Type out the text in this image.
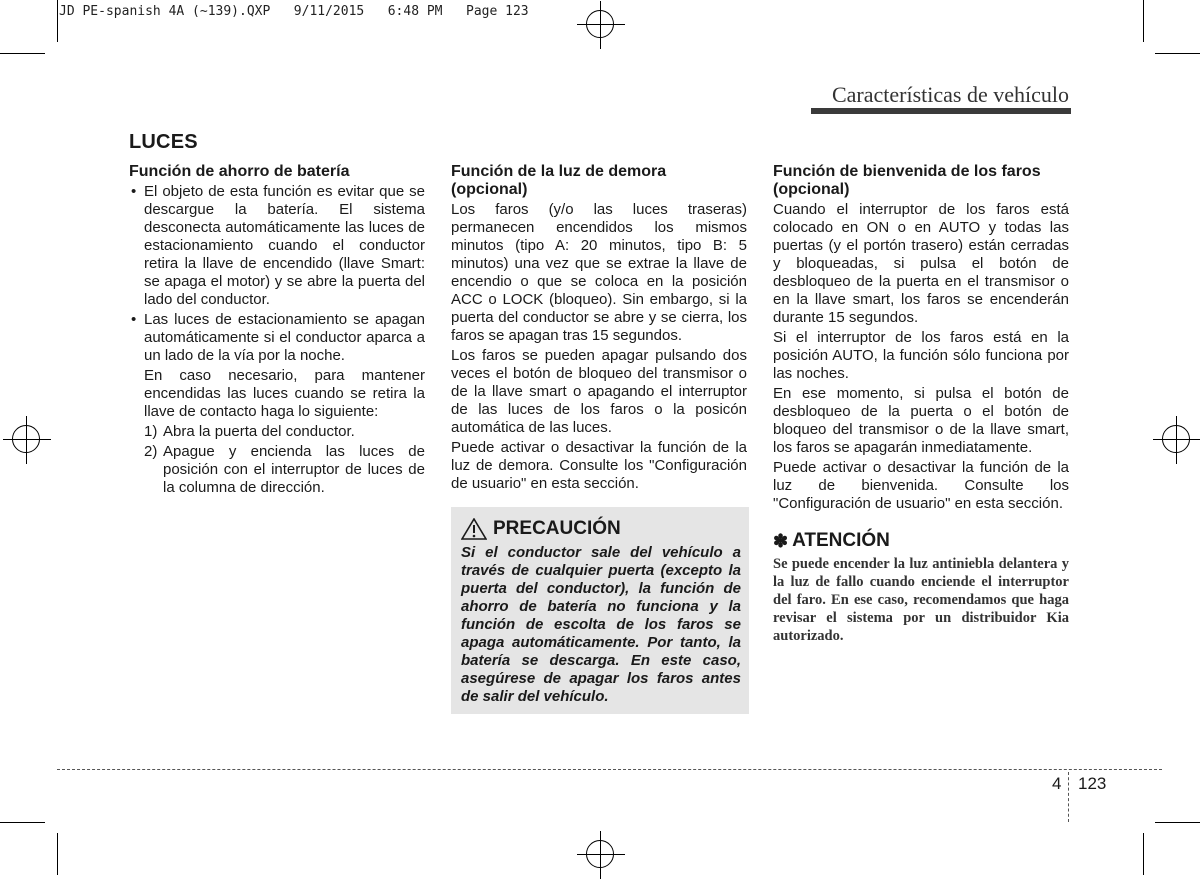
JD PE-spanish 4A (~139).QXP   9/11/2015   6:48 PM   Page 123
Características de vehículo
LUCES
Función de ahorro de batería
• El objeto de esta función es evitar que se descargue la batería. El sistema desconecta automáticamente las luces de estacionamiento cuando el conductor retira la llave de encendido (llave Smart: se apaga el motor) y se abre la puerta del lado del conductor.
• Las luces de estacionamiento se apagan automáticamente si el conductor aparca a un lado de la vía por la noche.
En caso necesario, para mantener encendidas las luces cuando se retira la llave de contacto haga lo siguiente:
1) Abra la puerta del conductor.
2) Apague y encienda las luces de posición con el interruptor de luces de la columna de dirección.
Función de la luz de demora (opcional)

Los faros (y/o las luces traseras) permanecen encendidos los mismos minutos (tipo A: 20 minutos, tipo B: 5 minutos) una vez que se extrae la llave de encendio o que se coloca en la posición ACC o LOCK (bloqueo). Sin embargo, si la puerta del conductor se abre y se cierra, los faros se apagan tras 15 segundos.

Los faros se pueden apagar pulsando dos veces el botón de bloqueo del transmisor o de la llave smart o apagando el interruptor de las luces de los faros o la posicón automática de las luces.

Puede activar o desactivar la función de la luz de demora. Consulte los "Configuración de usuario" en esta sección.

PRECAUCIÓN
Si el conductor sale del vehículo a través de cualquier puerta (excepto la puerta del conductor), la función de ahorro de batería no funciona y la función de escolta de los faros se apaga automáticamente. Por tanto, la batería se descarga. En este caso, asegúrese de apagar los faros antes de salir del vehículo.
Función de bienvenida de los faros (opcional)

Cuando el interruptor de los faros está colocado en ON o en AUTO y todas las puertas (y el portón trasero) están cerradas y bloqueadas, si pulsa el botón de desbloqueo de la puerta en el transmisor o en la llave smart, los faros se encenderán durante 15 segundos.

Si el interruptor de los faros está en la posición AUTO, la función sólo funciona por las noches.

En ese momento, si pulsa el botón de desbloqueo de la puerta o el botón de bloqueo del transmisor o de la llave smart, los faros se apagarán inmediatamente.

Puede activar o desactivar la función de la luz de bienvenida. Consulte los "Configuración de usuario" en esta sección.

✽ ATENCIÓN
Se puede encender la luz antiniebla delantera y la luz de fallo cuando enciende el interruptor del faro. En ese caso, recomendamos que haga revisar el sistema por un distribuidor Kia autorizado.
4 123
